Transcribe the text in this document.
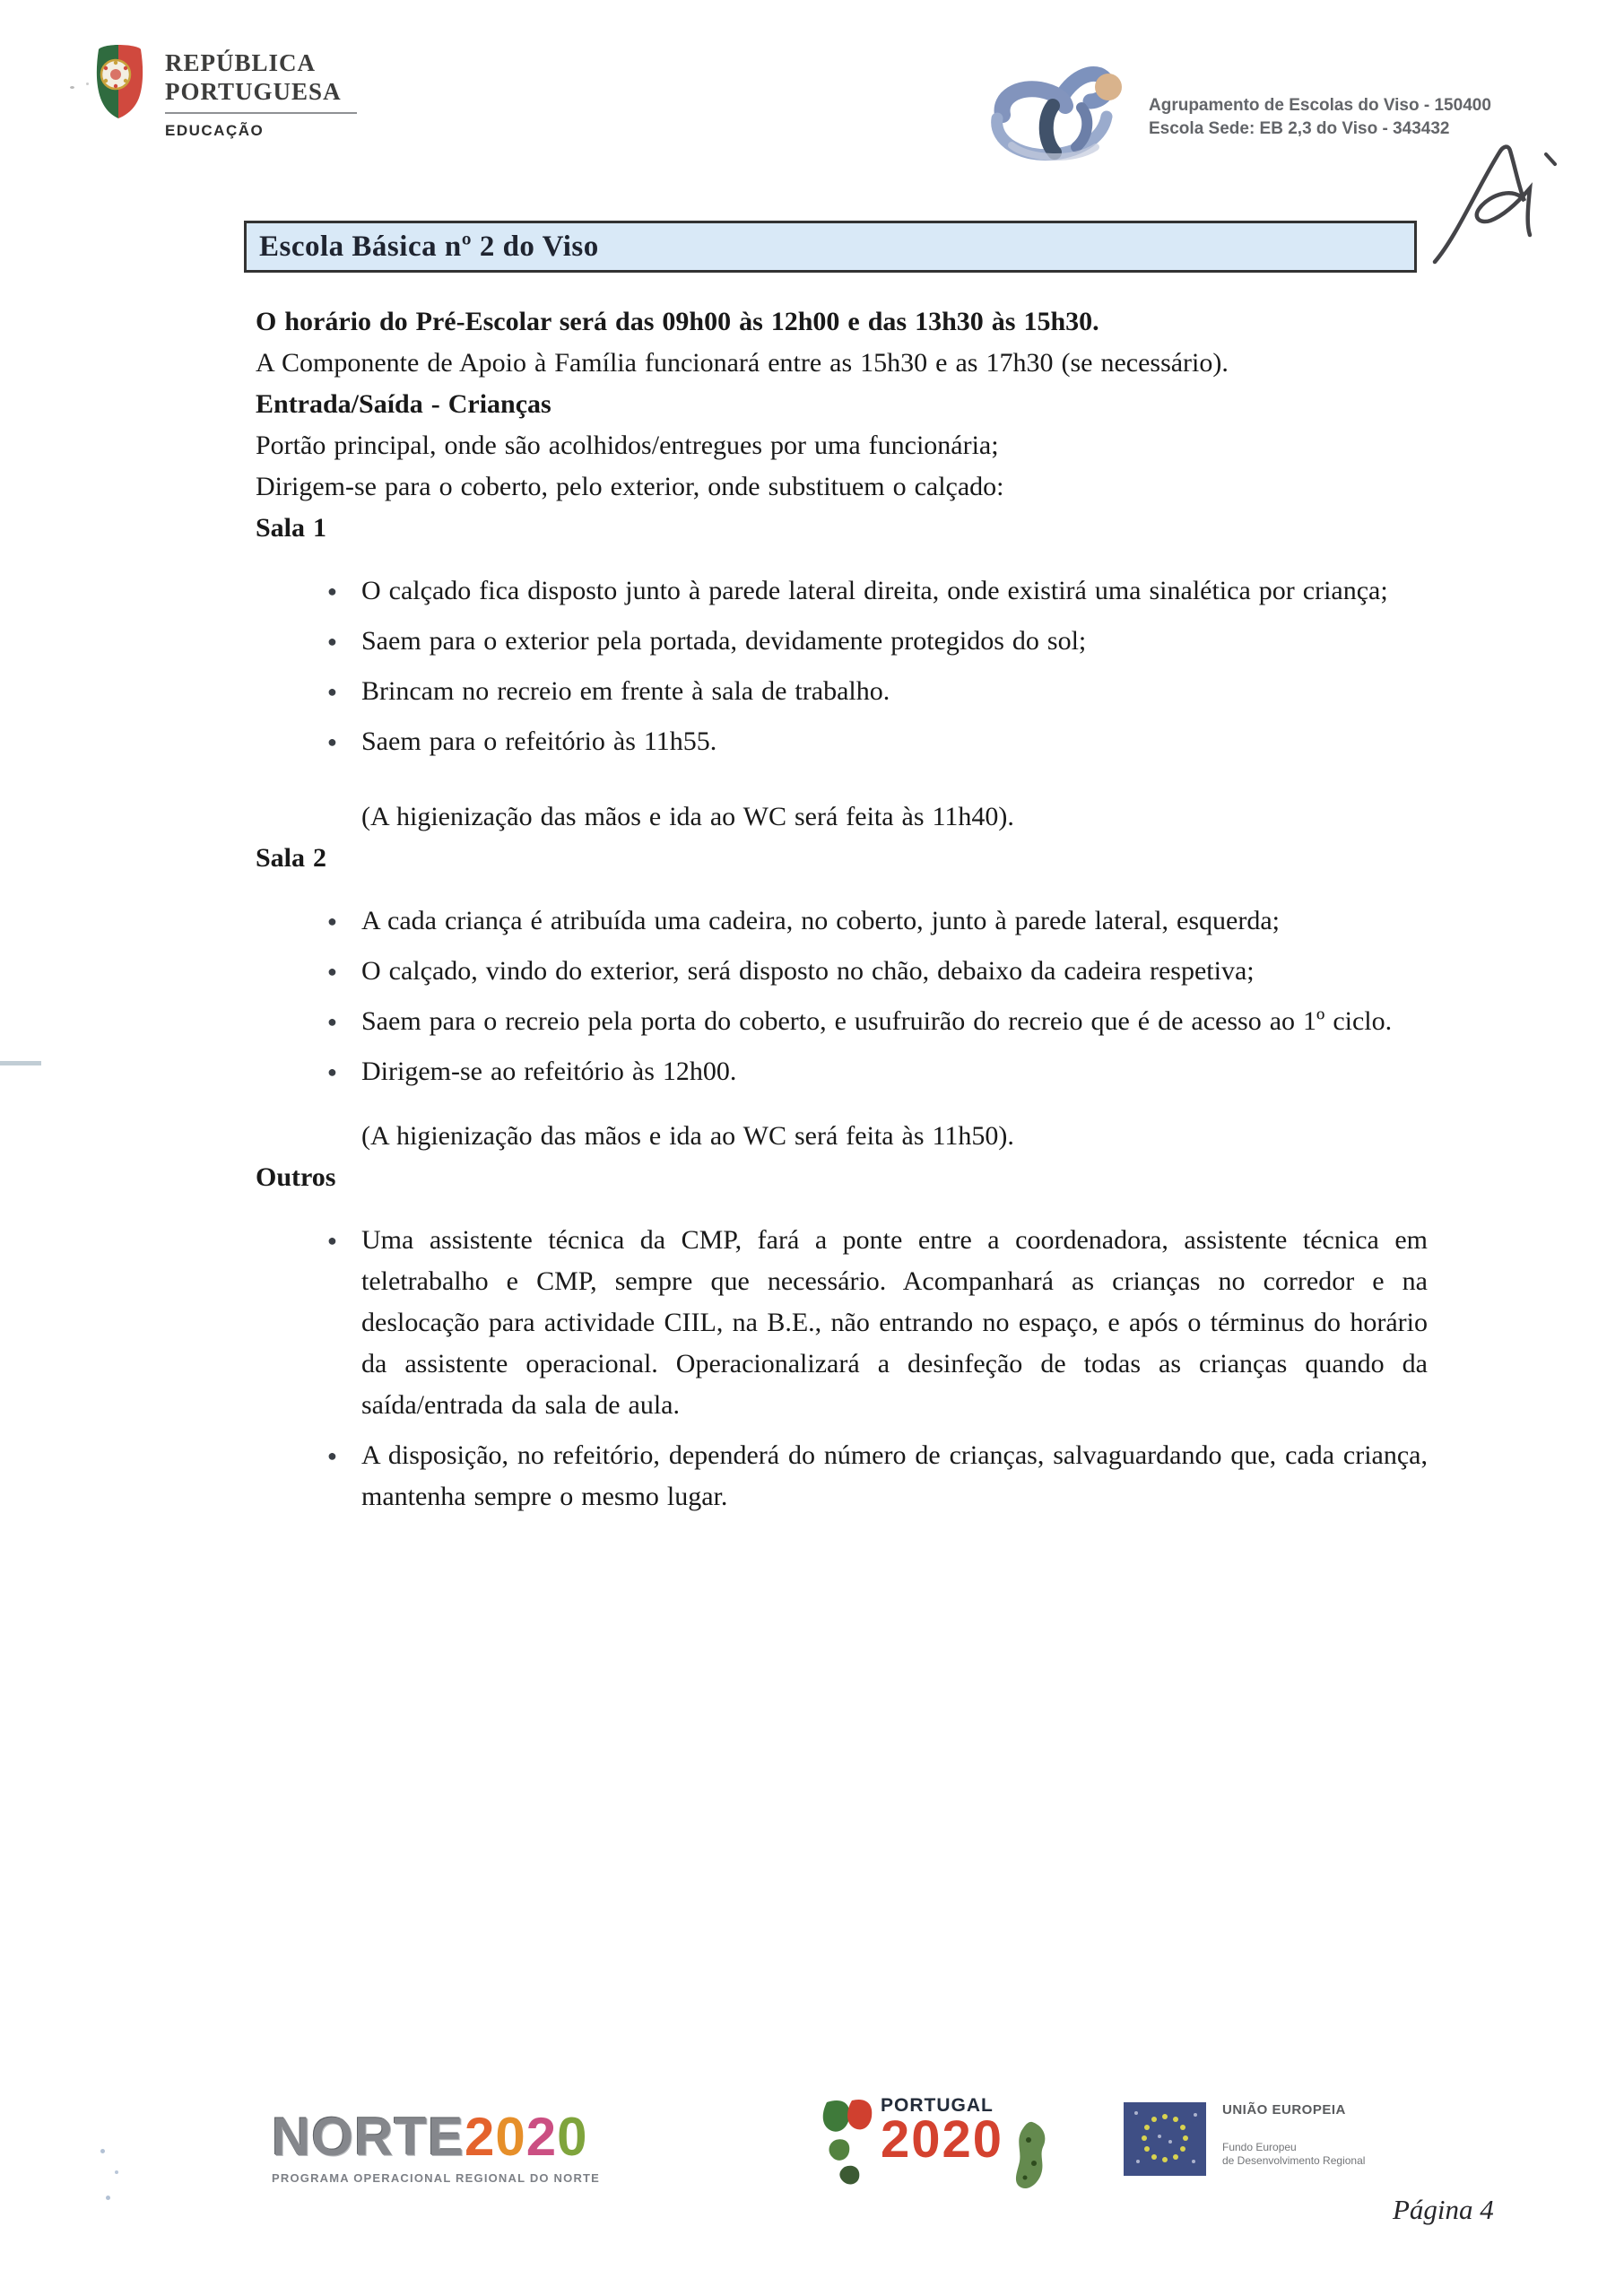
REPÚBLICA
PORTUGUESA
EDUCAÇÃO
Agrupamento de Escolas do Viso - 150400
Escola Sede: EB 2,3 do Viso - 343432
Escola Básica nº 2 do Viso

O horário do Pré-Escolar será das 09h00 às 12h00 e das 13h30 às 15h30.

A Componente de Apoio à Família funcionará entre as 15h30 e as 17h30 (se necessário).

Entrada/Saída - Crianças

Portão principal, onde são acolhidos/entregues por uma funcionária;

Dirigem-se para o coberto, pelo exterior, onde substituem o calçado:

Sala 1

● O calçado fica disposto junto à parede lateral direita, onde existirá uma sinalética por criança;
● Saem para o exterior pela portada, devidamente protegidos do sol;
● Brincam no recreio em frente à sala de trabalho.
● Saem para o refeitório às 11h55.

(A higienização das mãos e ida ao WC será feita às 11h40).

Sala 2

● A cada criança é atribuída uma cadeira, no coberto, junto à parede lateral, esquerda;
● O calçado, vindo do exterior, será disposto no chão, debaixo da cadeira respetiva;
● Saem para o recreio pela porta do coberto, e usufruirão do recreio que é de acesso ao 1º ciclo.
● Dirigem-se ao refeitório às 12h00.

(A higienização das mãos e ida ao WC será feita às 11h50).

Outros

● Uma assistente técnica da CMP, fará a ponte entre a coordenadora, assistente técnica em teletrabalho e CMP, sempre que necessário. Acompanhará as crianças no corredor e na deslocação para actividade CIIL, na B.E., não entrando no espaço, e após o términus do horário da assistente operacional. Operacionalizará a desinfeção de todas as crianças quando da saída/entrada da sala de aula.
● A disposição, no refeitório, dependerá do número de crianças, salvaguardando que, cada criança, mantenha sempre o mesmo lugar.
NORTE 2 0 2 0
PROGRAMA OPERACIONAL REGIONAL DO NORTE
PORTUGAL
2020
UNIÃO EUROPEIA
Fundo Europeu
de Desenvolvimento Regional
Página 4
